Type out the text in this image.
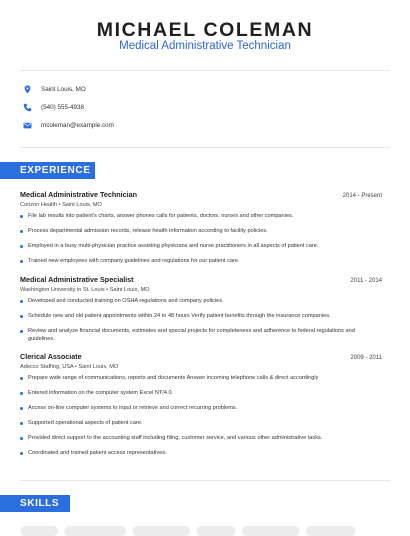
MICHAEL COLEMAN
Medical Administrative Technician
Saint Louis, MO
(540) 555-4938
mcoleman@example.com
EXPERIENCE
Medical Administrative Technician	2014 - Present
Corizon Health • Saint Louis, MO
File lab results into patient's charts, answer phones calls for patients, doctors, nurses and other companies.
Process departmental admission records, release health information according to facility policies.
Employed in a busy multi-physician practice assisting physicians and nurse practitioners in all aspects of patient care.
Trained new employees with company guidelines and regulations for our patient care.
Medical Administrative Specialist	2011 - 2014
Washington University in St. Louis • Saint Louis, MO
Developed and conducted training on OSHA regulations and company policies.
Schedule new and old patient appointments within 24 to 48 hours Verify patient benefits through the insurance companies.
Review and analyze financial documents, estimates and special projects for completeness and adherence to federal regulations and guidelines.
Clerical Associate	2009 - 2011
Adecco Staffing, USA • Saint Louis, MO
Prepare wide range of communications, reports and documents Answer incoming telephone calls & direct accordingly
Entered information on the computer system Excel NT/4.0.
Access on-line computer systems to input or retrieve and correct recurring problems.
Supported operational aspects of patient care.
Provided direct support to the accounting staff including filing, customer service, and various other administrative tasks.
Coordinated and trained patient access representatives.
SKILLS
